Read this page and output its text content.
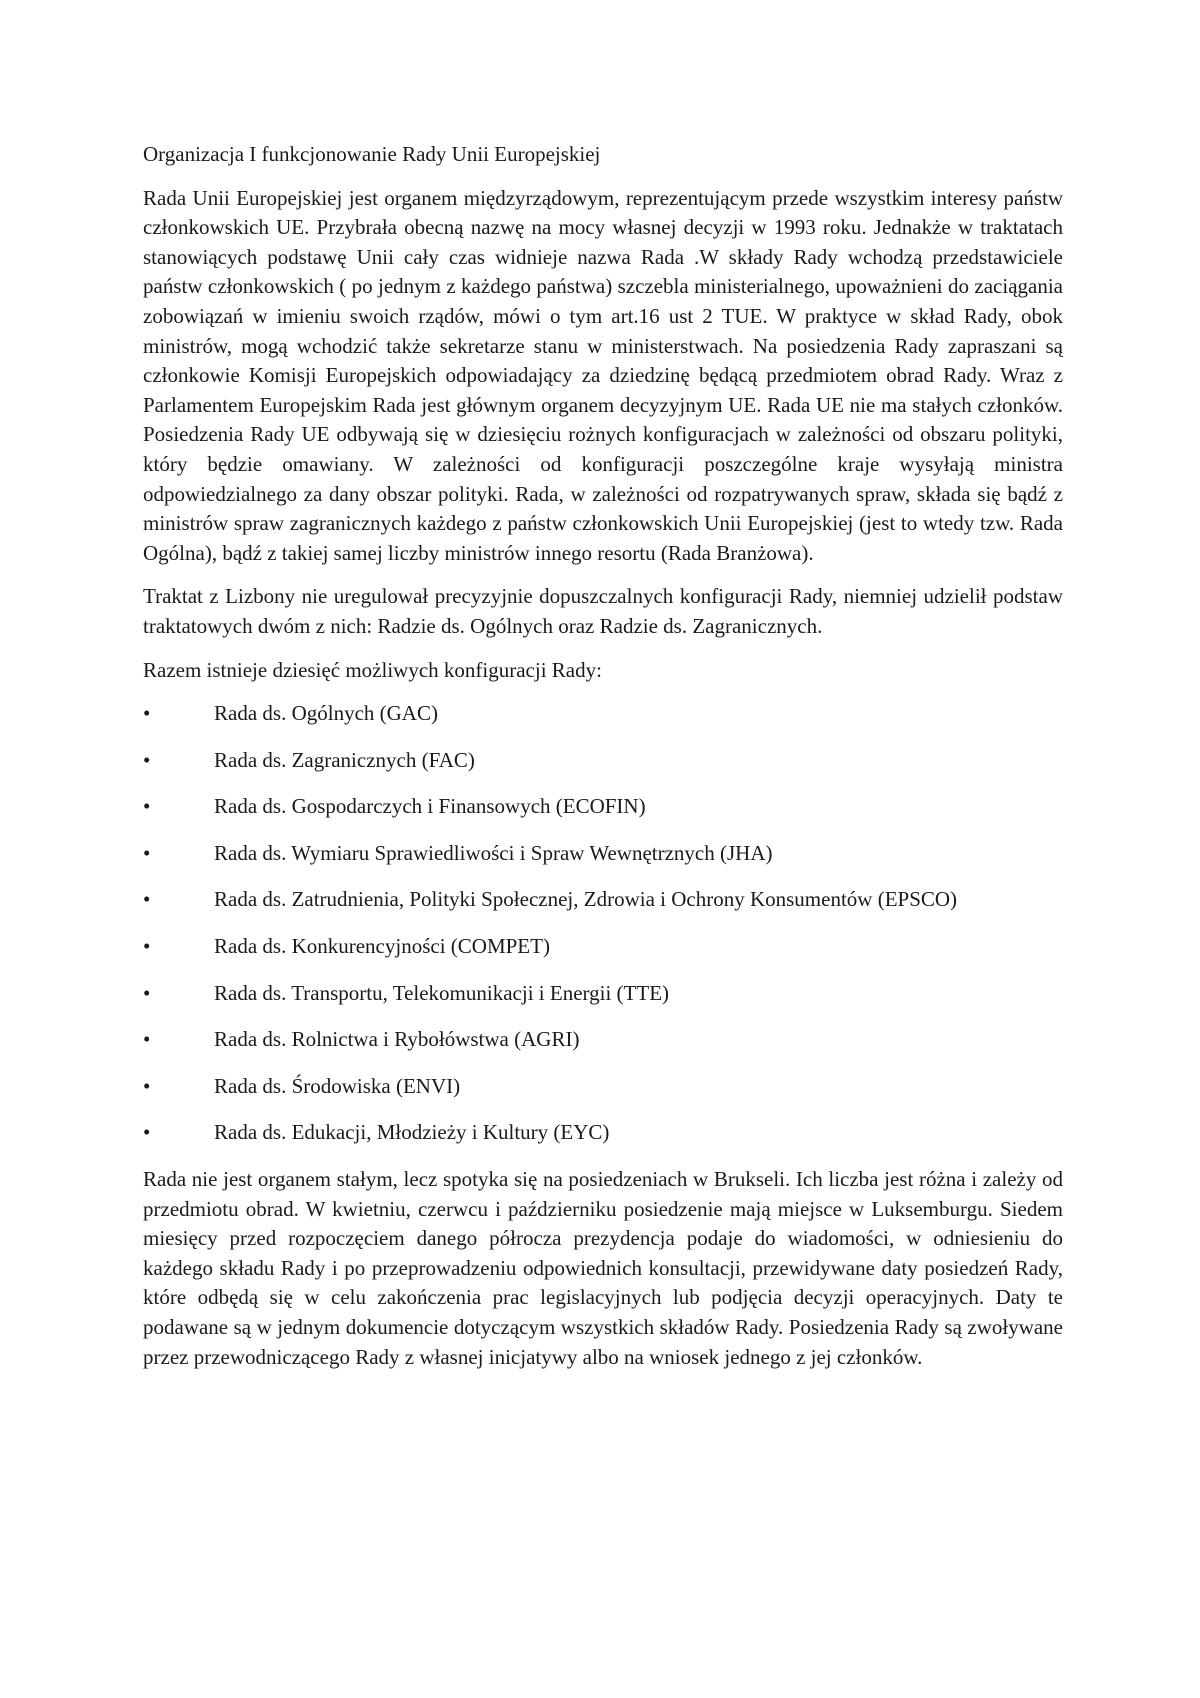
Organizacja I funkcjonowanie Rady Unii Europejskiej

Rada Unii Europejskiej jest organem międzyrządowym, reprezentującym przede wszystkim interesy państw członkowskich UE. Przybrała obecną nazwę na mocy własnej decyzji w 1993 roku. Jednakże w traktatach stanowiących podstawę Unii cały czas widnieje nazwa Rada .W składy Rady wchodzą przedstawiciele państw członkowskich ( po jednym z każdego państwa) szczebla ministerialnego, upoważnieni do zaciągania zobowiązań w imieniu swoich rządów, mówi o tym art.16 ust 2 TUE. W praktyce w skład Rady, obok ministrów, mogą wchodzić także sekretarze stanu w ministerstwach. Na posiedzenia Rady zapraszani są członkowie Komisji Europejskich odpowiadający za dziedzinę będącą przedmiotem obrad Rady. Wraz z Parlamentem Europejskim Rada jest głównym organem decyzyjnym UE. Rada UE nie ma stałych członków. Posiedzenia Rady UE odbywają się w dziesięciu rożnych konfiguracjach w zależności od obszaru polityki, który będzie omawiany. W zależności od konfiguracji poszczególne kraje wysyłają ministra odpowiedzialnego za dany obszar polityki. Rada, w zależności od rozpatrywanych spraw, składa się bądź z ministrów spraw zagranicznych każdego z państw członkowskich Unii Europejskiej (jest to wtedy tzw. Rada Ogólna), bądź z takiej samej liczby ministrów innego resortu (Rada Branżowa).

Traktat z Lizbony nie uregulował precyzyjnie dopuszczalnych konfiguracji Rady, niemniej udzielił podstaw traktatowych dwóm z nich: Radzie ds. Ogólnych oraz Radzie ds. Zagranicznych.

Razem istnieje dziesięć możliwych konfiguracji Rady:

•	Rada ds. Ogólnych (GAC)
•	Rada ds. Zagranicznych (FAC)
•	Rada ds. Gospodarczych i Finansowych (ECOFIN)
•	Rada ds. Wymiaru Sprawiedliwości i Spraw Wewnętrznych (JHA)
•	Rada ds. Zatrudnienia, Polityki Społecznej, Zdrowia i Ochrony Konsumentów (EPSCO)
•	Rada ds. Konkurencyjności (COMPET)
•	Rada ds. Transportu, Telekomunikacji i Energii (TTE)
•	Rada ds. Rolnictwa i Rybołówstwa (AGRI)
•	Rada ds. Środowiska (ENVI)
•	Rada ds. Edukacji, Młodzieży i Kultury (EYC)

Rada nie jest organem stałym, lecz spotyka się na posiedzeniach w Brukseli. Ich liczba jest różna i zależy od przedmiotu obrad. W kwietniu, czerwcu i październiku posiedzenie mają miejsce w Luksemburgu. Siedem miesięcy przed rozpoczęciem danego półrocza prezydencja podaje do wiadomości, w odniesieniu do każdego składu Rady i po przeprowadzeniu odpowiednich konsultacji, przewidywane daty posiedzeń Rady, które odbędą się w celu zakończenia prac legislacyjnych lub podjęcia decyzji operacyjnych. Daty te podawane są w jednym dokumencie dotyczącym wszystkich składów Rady. Posiedzenia Rady są zwoływane przez przewodniczącego Rady z własnej inicjatywy albo na wniosek jednego z jej członków.
